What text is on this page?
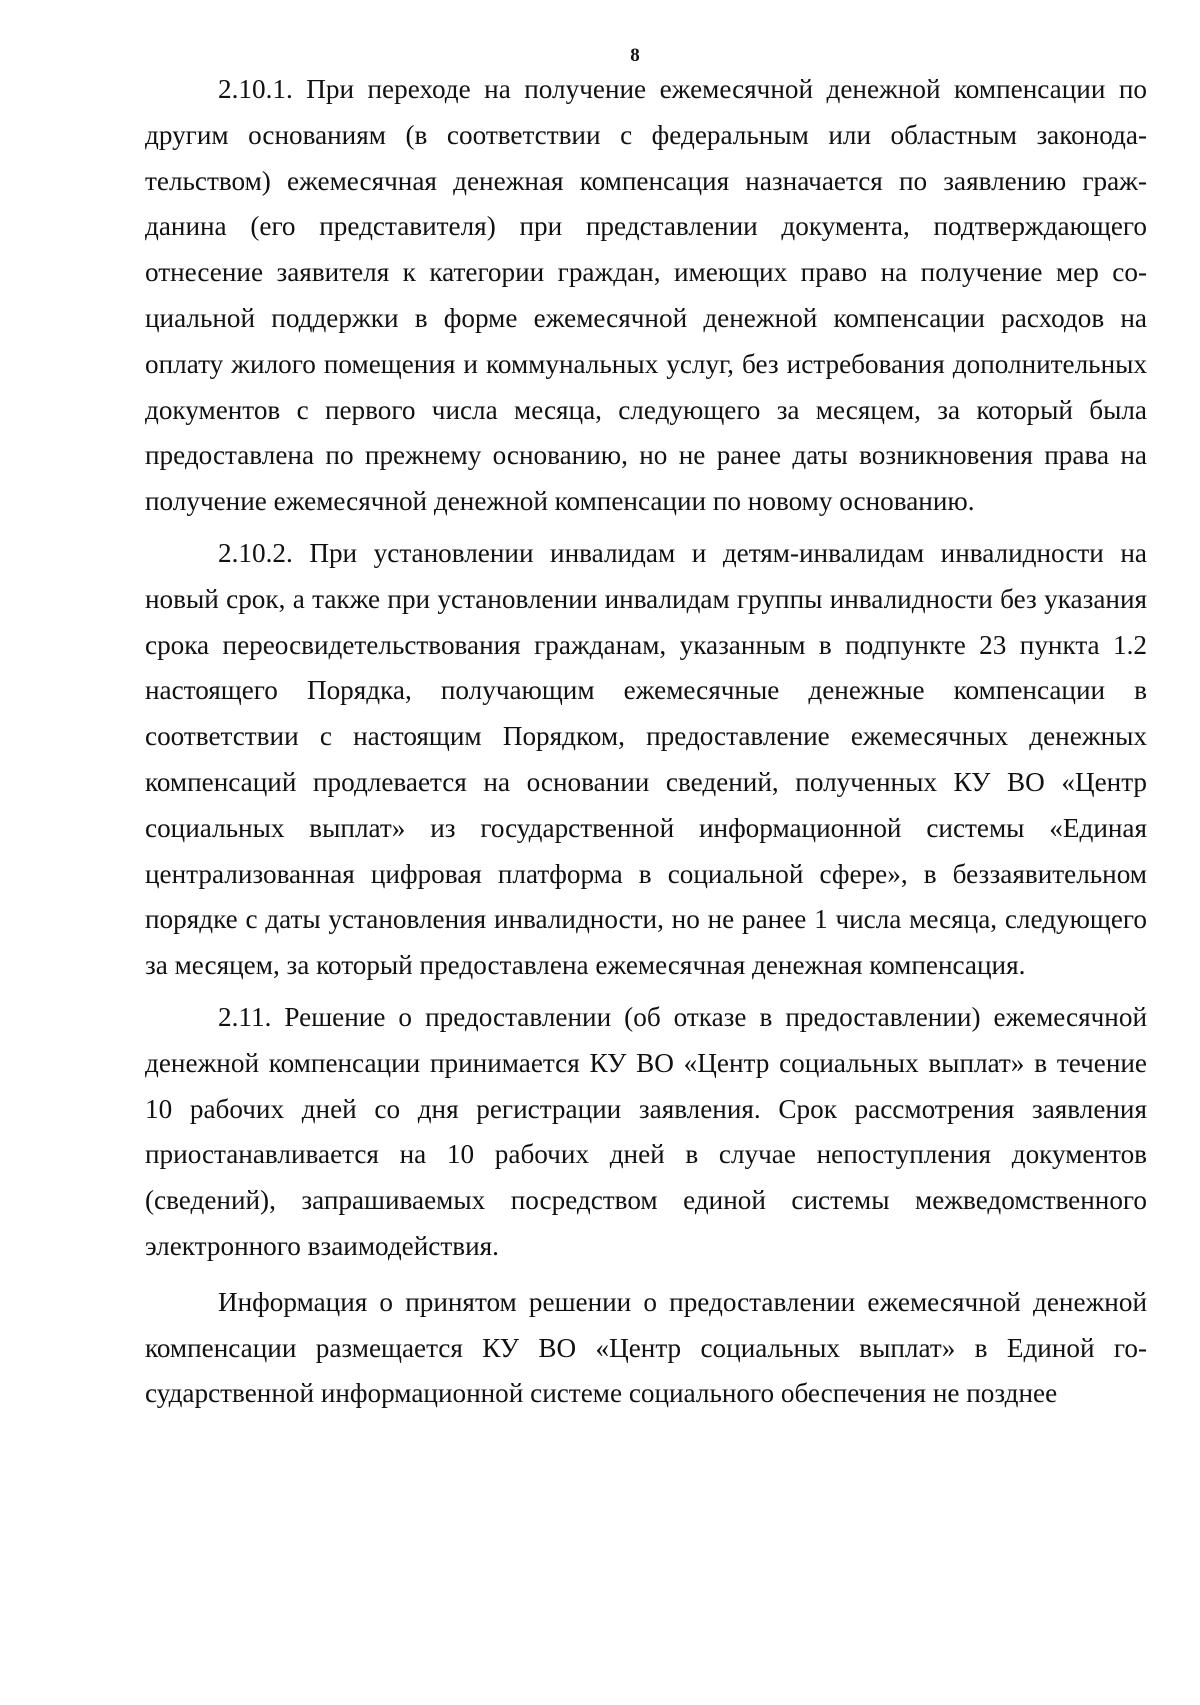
8

2.10.1. При переходе на получение ежемесячной денежной компенсации по другим основаниям (в соответствии с федеральным или областным законодательством) ежемесячная денежная компенсация назначается по заявлению гражданина (его представителя) при представлении документа, подтверждающего отнесение заявителя к категории граждан, имеющих право на получение мер социальной поддержки в форме ежемесячной денежной компенсации расходов на оплату жилого помещения и коммунальных услуг, без истребования дополнительных документов с первого числа месяца, следующего за месяцем, за который была предоставлена по прежнему основанию, но не ранее даты возникновения права на получение ежемесячной денежной компенсации по новому основанию.

2.10.2. При установлении инвалидам и детям-инвалидам инвалидности на новый срок, а также при установлении инвалидам группы инвалидности без указания срока переосвидетельствования гражданам, указанным в подпункте 23 пункта 1.2 настоящего Порядка, получающим ежемесячные денежные компенсации в соответствии с настоящим Порядком, предоставление ежемесячных денежных компенсаций продлевается на основании сведений, полученных КУ ВО «Центр социальных выплат» из государственной информационной системы «Единая централизованная цифровая платформа в социальной сфере», в беззаявительном порядке с даты установления инвалидности, но не ранее 1 числа месяца, следующего за месяцем, за который предоставлена ежемесячная денежная компенсация.

2.11. Решение о предоставлении (об отказе в предоставлении) ежемесячной денежной компенсации принимается КУ ВО «Центр социальных выплат» в течение 10 рабочих дней со дня регистрации заявления. Срок рассмотрения заявления приостанавливается на 10 рабочих дней в случае непоступления документов (сведений), запрашиваемых посредством единой системы межведомственного электронного взаимодействия.

Информация о принятом решении о предоставлении ежемесячной денежной компенсации размещается КУ ВО «Центр социальных выплат» в Единой государственной информационной системе социального обеспечения не позднее
